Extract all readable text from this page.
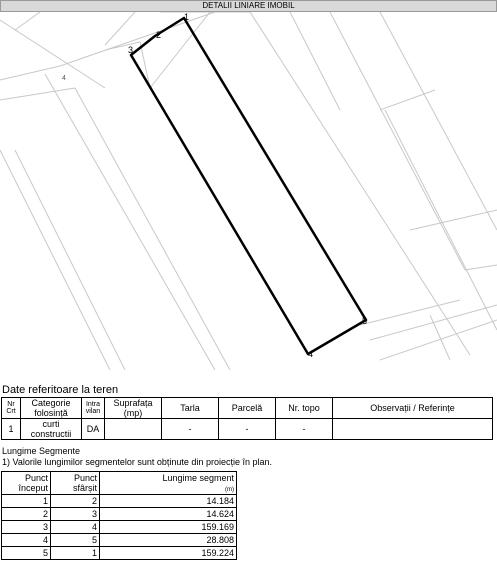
DETALII LINIARE IMOBIL
1
2
3
4
5
4
Date referitoare la teren
Nr Crt	Categorie folosință	Intra vilan	Suprafața (mp)	Tarla	Parcelă	Nr. topo	Observații / Referințe
1	curti constructii	DA		-	-	-	
Lungime Segmente
1) Valorile lungimilor segmentelor sunt obținute din proiecție în plan.
Punct început	Punct sfârșit	Lungime segment
(m)
1	2	14.184
2	3	14.624
3	4	159.169
4	5	28.808
5	1	159.224
